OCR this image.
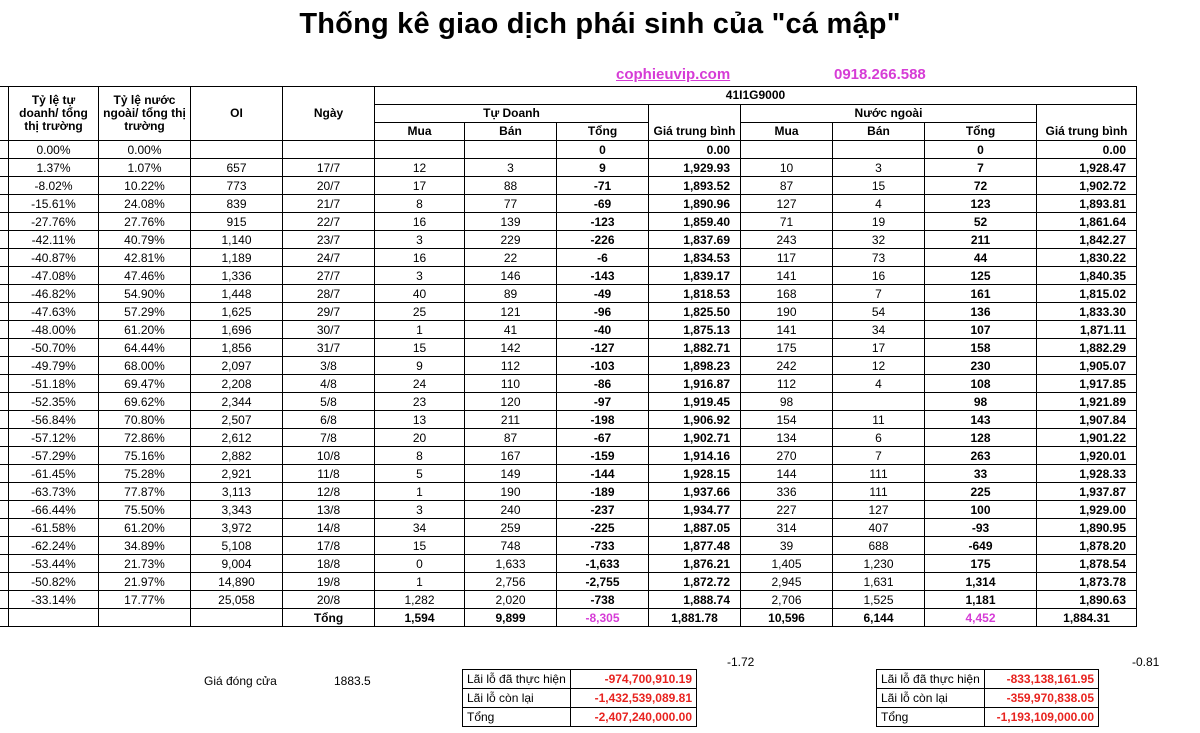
Thống kê giao dịch phái sinh của "cá mập"
cophieuvip.com	0918.266.588
	Tỷ lệ tự doanh/ tổng thị trường	Tỷ lệ nước ngoài/ tổng thị trường	OI	Ngày	41I1G9000							
					Tự Doanh				Nước ngoài			
					Mua	Bán	Tổng	Giá trung bình	Mua	Bán	Tổng	Giá trung bình
	0.00%	0.00%					0	0.00			0	0.00
	1.37%	1.07%	657	17/7	12	3	9	1,929.93	10	3	7	1,928.47
	-8.02%	10.22%	773	20/7	17	88	-71	1,893.52	87	15	72	1,902.72
	-15.61%	24.08%	839	21/7	8	77	-69	1,890.96	127	4	123	1,893.81
	-27.76%	27.76%	915	22/7	16	139	-123	1,859.40	71	19	52	1,861.64
	-42.11%	40.79%	1,140	23/7	3	229	-226	1,837.69	243	32	211	1,842.27
	-40.87%	42.81%	1,189	24/7	16	22	-6	1,834.53	117	73	44	1,830.22
	-47.08%	47.46%	1,336	27/7	3	146	-143	1,839.17	141	16	125	1,840.35
	-46.82%	54.90%	1,448	28/7	40	89	-49	1,818.53	168	7	161	1,815.02
	-47.63%	57.29%	1,625	29/7	25	121	-96	1,825.50	190	54	136	1,833.30
	-48.00%	61.20%	1,696	30/7	1	41	-40	1,875.13	141	34	107	1,871.11
	-50.70%	64.44%	1,856	31/7	15	142	-127	1,882.71	175	17	158	1,882.29
	-49.79%	68.00%	2,097	3/8	9	112	-103	1,898.23	242	12	230	1,905.07
	-51.18%	69.47%	2,208	4/8	24	110	-86	1,916.87	112	4	108	1,917.85
	-52.35%	69.62%	2,344	5/8	23	120	-97	1,919.45	98		98	1,921.89
	-56.84%	70.80%	2,507	6/8	13	211	-198	1,906.92	154	11	143	1,907.84
	-57.12%	72.86%	2,612	7/8	20	87	-67	1,902.71	134	6	128	1,901.22
	-57.29%	75.16%	2,882	10/8	8	167	-159	1,914.16	270	7	263	1,920.01
	-61.45%	75.28%	2,921	11/8	5	149	-144	1,928.15	144	111	33	1,928.33
	-63.73%	77.87%	3,113	12/8	1	190	-189	1,937.66	336	111	225	1,937.87
	-66.44%	75.50%	3,343	13/8	3	240	-237	1,934.77	227	127	100	1,929.00
	-61.58%	61.20%	3,972	14/8	34	259	-225	1,887.05	314	407	-93	1,890.95
	-62.24%	34.89%	5,108	17/8	15	748	-733	1,877.48	39	688	-649	1,878.20
	-53.44%	21.73%	9,004	18/8	0	1,633	-1,633	1,876.21	1,405	1,230	175	1,878.54
	-50.82%	21.97%	14,890	19/8	1	2,756	-2,755	1,872.72	2,945	1,631	1,314	1,873.78
	-33.14%	17.77%	25,058	20/8	1,282	2,020	-738	1,888.74	2,706	1,525	1,181	1,890.63
				Tổng	1,594	9,899	-8,305	1,881.78	10,596	6,144	4,452	1,884.31
-1.72	-0.81
Giá đóng cửa	1883.5	Lãi lỗ đã thực hiện	-974,700,910.19
Lãi lỗ còn lại	-1,432,539,089.81
Tổng	-2,407,240,000.00
Lãi lỗ đã thực hiện	-833,138,161.95
Lãi lỗ còn lại	-359,970,838.05
Tổng	-1,193,109,000.00
